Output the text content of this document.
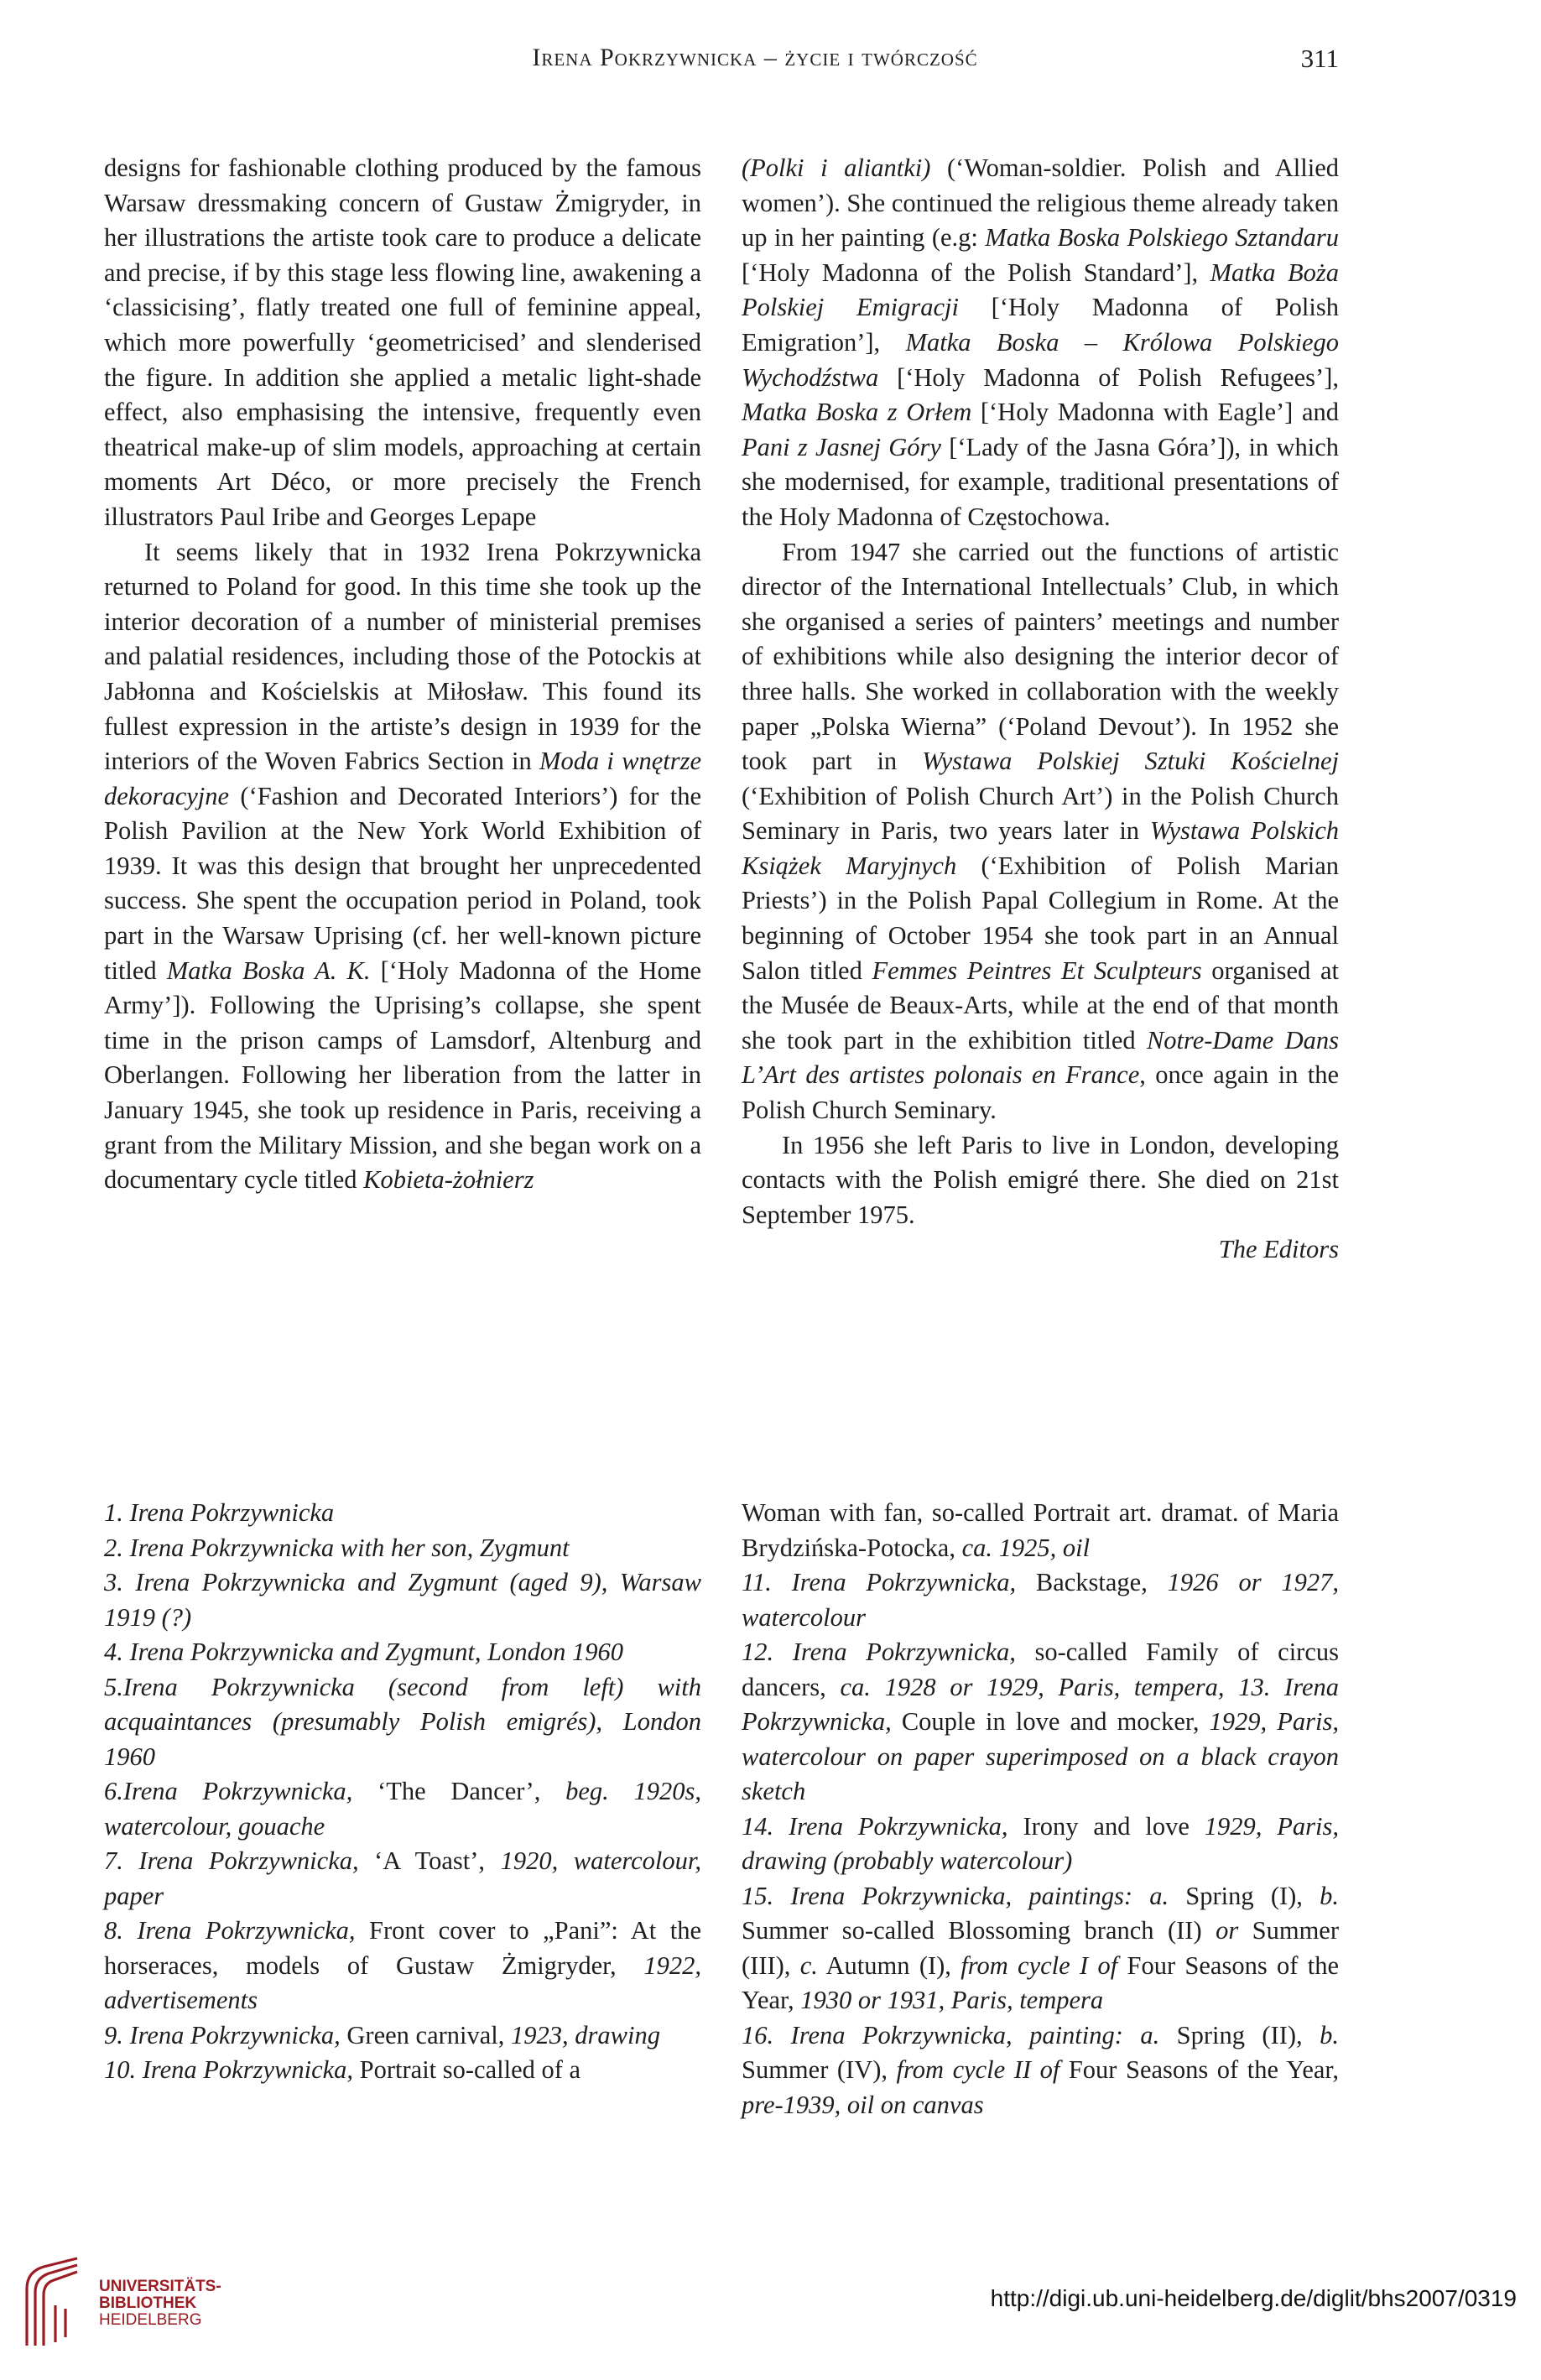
Irena Pokrzywnicka – życie i twórczość	311

designs for fashionable clothing produced by the famous Warsaw dressmaking concern of Gustaw Żmigryder, in her illustrations the artiste took care to produce a delicate and precise, if by this stage less flowing line, awakening a ‘classicising’, flatly treated one full of feminine appeal, which more powerfully ‘geometricised’ and slenderised the figure. In addition she applied a metalic light-shade effect, also emphasising the intensive, frequently even theatrical make-up of slim models, approaching at certain moments Art Déco, or more precisely the French illustrators Paul Iribe and Georges Lepape

It seems likely that in 1932 Irena Pokrzywnicka returned to Poland for good. In this time she took up the interior decoration of a number of ministerial premises and palatial residences, including those of the Potockis at Jabłonna and Kościelskis at Miłosław. This found its fullest expression in the artiste’s design in 1939 for the interiors of the Woven Fabrics Section in Moda i wnętrze dekoracyjne (‘Fashion and Decorated Interiors’) for the Polish Pavilion at the New York World Exhibition of 1939. It was this design that brought her unprecedented success. She spent the occupation period in Poland, took part in the Warsaw Uprising (cf. her well-known picture titled Matka Boska A. K. [‘Holy Madonna of the Home Army’]). Following the Uprising’s collapse, she spent time in the prison camps of Lamsdorf, Altenburg and Oberlangen. Following her liberation from the latter in January 1945, she took up residence in Paris, receiving a grant from the Military Mission, and she began work on a documentary cycle titled Kobieta-żołnierz

(Polki i aliantki) (‘Woman-soldier. Polish and Allied women’). She continued the religious theme already taken up in her painting (e.g: Matka Boska Polskiego Sztandaru [‘Holy Madonna of the Polish Standard’], Matka Boża Polskiej Emigracji [‘Holy Madonna of Polish Emigration’], Matka Boska – Królowa Polskiego Wychodźstwa [‘Holy Madonna of Polish Refugees’], Matka Boska z Orłem [‘Holy Madonna with Eagle’] and Pani z Jasnej Góry [‘Lady of the Jasna Góra’]), in which she modernised, for example, traditional presentations of the Holy Madonna of Częstochowa.

From 1947 she carried out the functions of artistic director of the International Intellectuals’ Club, in which she organised a series of painters’ meetings and number of exhibitions while also designing the interior decor of three halls. She worked in collaboration with the weekly paper „Polska Wierna” (‘Poland Devout’). In 1952 she took part in Wystawa Polskiej Sztuki Kościelnej (‘Exhibition of Polish Church Art’) in the Polish Church Seminary in Paris, two years later in Wystawa Polskich Książek Maryjnych (‘Exhibition of Polish Marian Priests’) in the Polish Papal Collegium in Rome. At the beginning of October 1954 she took part in an Annual Salon titled Femmes Peintres Et Sculpteurs organised at the Musée de Beaux-Arts, while at the end of that month she took part in the exhibition titled Notre-Dame Dans L’Art des artistes polonais en France, once again in the Polish Church Seminary.

In 1956 she left Paris to live in London, developing contacts with the Polish emigré there. She died on 21st September 1975.

The Editors

1. Irena Pokrzywnicka

2. Irena Pokrzywnicka with her son, Zygmunt

3. Irena Pokrzywnicka and Zygmunt (aged 9), Warsaw 1919 (?)

4. Irena Pokrzywnicka and Zygmunt, London 1960

5.Irena Pokrzywnicka (second from left) with acquaintances (presumably Polish emigrés), London 1960

6.Irena Pokrzywnicka, ‘The Dancer’, beg. 1920s, watercolour, gouache

7. Irena Pokrzywnicka, ‘A Toast’, 1920, watercolour, paper

8. Irena Pokrzywnicka, Front cover to „Pani”: At the horseraces, models of Gustaw Żmigryder, 1922, advertisements

9. Irena Pokrzywnicka, Green carnival, 1923, drawing

10. Irena Pokrzywnicka, Portrait so-called of a

Woman with fan, so-called Portrait art. dramat. of Maria Brydzińska-Potocka, ca. 1925, oil

11. Irena Pokrzywnicka, Backstage, 1926 or 1927, watercolour

12. Irena Pokrzywnicka, so-called Family of circus dancers, ca. 1928 or 1929, Paris, tempera, 13. Irena Pokrzywnicka, Couple in love and mocker, 1929, Paris, watercolour on paper superimposed on a black crayon sketch

14. Irena Pokrzywnicka, Irony and love 1929, Paris, drawing (probably watercolour)

15. Irena Pokrzywnicka, paintings: a. Spring (I), b. Summer so-called Blossoming branch (II) or Summer (III), c. Autumn (I), from cycle I of Four Seasons of the Year, 1930 or 1931, Paris, tempera

16. Irena Pokrzywnicka, painting: a. Spring (II), b. Summer (IV), from cycle II of Four Seasons of the Year, pre-1939, oil on canvas

UNIVERSITÄTS-
BIBLIOTHEK
HEIDELBERG
http://digi.ub.uni-heidelberg.de/diglit/bhs2007/0319
